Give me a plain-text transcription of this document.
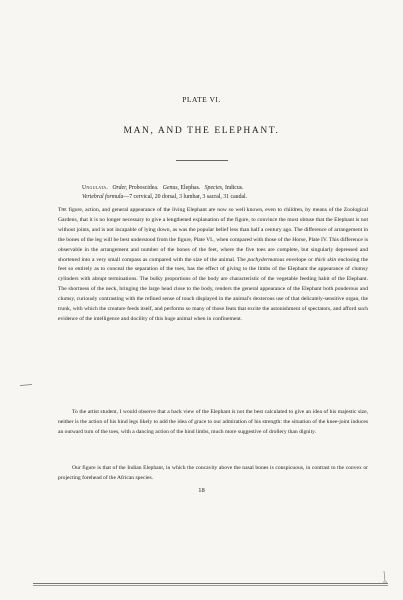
PLATE VI.
MAN, AND THE ELEPHANT.
Ungulata. Order, Proboscidea. Genus, Elephas. Species, Indicus.
Vertebral formula—7 cervical, 20 dorsal, 3 lumbar, 3 sacral, 31 caudal.
The figure, action, and general appearance of the living Elephant are now so well known, even to children, by means of the Zoological Gardens, that it is no longer necessary to give a lengthened explanation of the figure, to convince the most obtuse that the Elephant is not without joints, and is not incapable of lying down, as was the popular belief less than half a century ago. The difference of arrangement in the bones of the leg will be best understood from the figure, Plate VI., when compared with those of the Horse, Plate IV. This difference is observable in the arrangement and number of the bones of the feet, where the five toes are complete, but singularly depressed and shortened into a very small compass as compared with the size of the animal. The pachydermatous envelope or thick skin enclosing the feet so entirely as to conceal the separation of the toes, has the effect of giving to the limbs of the Elephant the appearance of clumsy cylinders with abrupt terminations. The bulky proportions of the body are characteristic of the vegetable feeding habit of the Elephant. The shortness of the neck, bringing the large head close to the body, renders the general appearance of the Elephant both ponderous and clumsy, curiously contrasting with the refined sense of touch displayed in the animal's dexterous use of that delicately-sensitive organ, the trunk, with which the creature feeds itself, and performs so many of those feats that excite the astonishment of spectators, and afford such evidence of the intelligence and docility of this huge animal when in confinement.
To the artist student, I would observe that a back view of the Elephant is not the best calculated to give an idea of his majestic size, neither is the action of his hind legs likely to add the idea of grace to our admiration of his strength: the situation of the knee-joint induces an outward turn of the toes, with a dancing action of the hind limbs, much more suggestive of drollery than dignity.
Our figure is that of the Indian Elephant, in which the concavity above the nasal bones is conspicuous, in contrast to the convex or projecting forehead of the African species.
18
